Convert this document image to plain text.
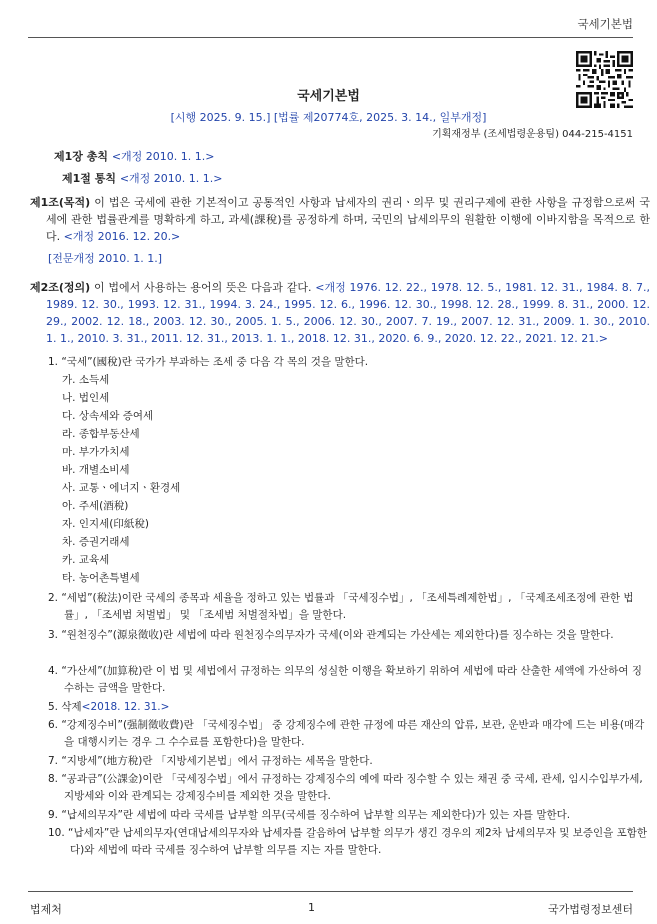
국세기본법
국세기본법
[시행 2025. 9. 15.] [법률 제20774호, 2025. 3. 14., 일부개정]
기획재정부 (조세법령운용팀) 044-215-4151
제1장 총칙 <개정 2010. 1. 1.>
제1절 통칙 <개정 2010. 1. 1.>
제1조(목적) 이 법은 국세에 관한 기본적이고 공통적인 사항과 납세자의 권리ㆍ의무 및 권리구제에 관한 사항을 규정함으로써 국세에 관한 법률관계를 명확하게 하고, 과세(課稅)를 공정하게 하며, 국민의 납세의무의 원활한 이행에 이바지함을 목적으로 한다. <개정 2016. 12. 20.>
[전문개정 2010. 1. 1.]
제2조(정의) 이 법에서 사용하는 용어의 뜻은 다음과 같다. <개정 1976. 12. 22., 1978. 12. 5., 1981. 12. 31., 1984. 8. 7., 1989. 12. 30., 1993. 12. 31., 1994. 3. 24., 1995. 12. 6., 1996. 12. 30., 1998. 12. 28., 1999. 8. 31., 2000. 12. 29., 2002. 12. 18., 2003. 12. 30., 2005. 1. 5., 2006. 12. 30., 2007. 7. 19., 2007. 12. 31., 2009. 1. 30., 2010. 1. 1., 2010. 3. 31., 2011. 12. 31., 2013. 1. 1., 2018. 12. 31., 2020. 6. 9., 2020. 12. 22., 2021. 12. 21.>
1. “국세”(國稅)란 국가가 부과하는 조세 중 다음 각 목의 것을 말한다.
가. 소득세
나. 법인세
다. 상속세와 증여세
라. 종합부동산세
마. 부가가치세
바. 개별소비세
사. 교통ㆍ에너지ㆍ환경세
아. 주세(酒稅)
자. 인지세(印紙稅)
차. 증권거래세
카. 교육세
타. 농어촌특별세
2. “세법”(稅法)이란 국세의 종목과 세율을 정하고 있는 법률과 「국세징수법」, 「조세특례제한법」, 「국제조세조정에 관한 법률」, 「조세범 처벌법」 및 「조세범 처벌절차법」을 말한다.
3. “원천징수”(源泉徵收)란 세법에 따라 원천징수의무자가 국세(이와 관계되는 가산세는 제외한다)를 징수하는 것을 말한다.
4. “가산세”(加算稅)란 이 법 및 세법에서 규정하는 의무의 성실한 이행을 확보하기 위하여 세법에 따라 산출한 세액에 가산하여 징수하는 금액을 말한다.
5. 삭제<2018. 12. 31.>
6. “강제징수비”(强制徵收費)란 「국세징수법」 중 강제징수에 관한 규정에 따른 재산의 압류, 보관, 운반과 매각에 드는 비용(매각을 대행시키는 경우 그 수수료를 포함한다)을 말한다.
7. “지방세”(地方稅)란 「지방세기본법」에서 규정하는 세목을 말한다.
8. “공과금”(公課金)이란 「국세징수법」에서 규정하는 강제징수의 예에 따라 징수할 수 있는 채권 중 국세, 관세, 임시수입부가세, 지방세와 이와 관계되는 강제징수비를 제외한 것을 말한다.
9. “납세의무자”란 세법에 따라 국세를 납부할 의무(국세를 징수하여 납부할 의무는 제외한다)가 있는 자를 말한다.
10. “납세자”란 납세의무자(연대납세의무자와 납세자를 갈음하여 납부할 의무가 생긴 경우의 제2차 납세의무자 및 보증인을 포함한다)와 세법에 따라 국세를 징수하여 납부할 의무를 지는 자를 말한다.
법제처	1	국가법령정보센터
